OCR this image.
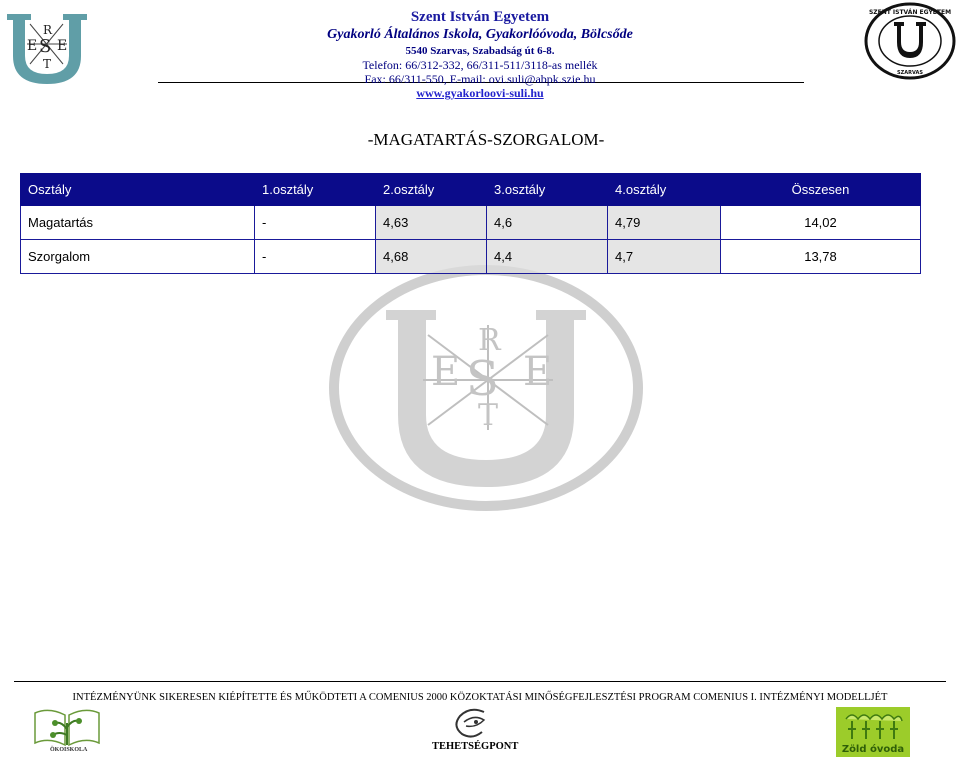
R
S
E E
T
R
S
E E
T
SZENT ISTVÁN EGYETEM
SZARVAS
Szent István Egyetem
Gyakorló Általános Iskola, Gyakorlóóvoda, Bölcsőde
5540 Szarvas, Szabadság út 6-8.
Telefon: 66/312-332, 66/311-511/3118-as mellék
Fax: 66/311-550, E-mail: ovi.suli@abpk.szie.hu
www.gyakorloovi-suli.hu
-MAGATARTÁS-SZORGALOM-
Osztály	1.osztály	2.osztály	3.osztály	4.osztály	Összesen
Magatartás	-	4,63	4,6	4,79	14,02
Szorgalom	-	4,68	4,4	4,7	13,78
INTÉZMÉNYÜNK SIKERESEN KIÉPÍTETTE ÉS MŰKÖDTETI A COMENIUS 2000 KÖZOKTATÁSI MINŐSÉGFEJLESZTÉSI PROGRAM COMENIUS I. INTÉZMÉNYI MODELLJÉT
ÖKOISKOLA	TEHETSÉGPONT	Zöld óvoda
